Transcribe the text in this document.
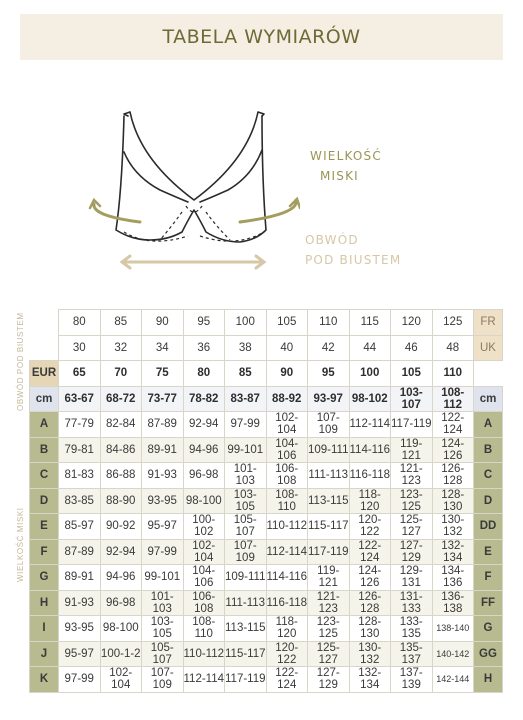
TABELA WYMIARÓW
WIELKOŚĆ
MISKI
OBWÓD
POD BIUSTEM
OBWÓD POD BIUSTEM
WIELKOŚĆ MISKI
	80	85	90	95	100	105	110	115	120	125	FR
	30	32	34	36	38	40	42	44	46	48	UK
EUR	65	70	75	80	85	90	95	100	105	110	
cm	63-67	68-72	73-77	78-82	83-87	88-92	93-97	98-102	103-107	108-112	cm
A	77-79	82-84	87-89	92-94	97-99	102-104	107-109	112-114	117-119	122-124	A
B	79-81	84-86	89-91	94-96	99-101	104-106	109-111	114-116	119-121	124-126	B
C	81-83	86-88	91-93	96-98	101-103	106-108	111-113	116-118	121-123	126-128	C
D	83-85	88-90	93-95	98-100	103-105	108-110	113-115	118-120	123-125	128-130	D
E	85-97	90-92	95-97	100-102	105-107	110-112	115-117	120-122	125-127	130-132	DD
F	87-89	92-94	97-99	102-104	107-109	112-114	117-119	122-124	127-129	132-134	E
G	89-91	94-96	99-101	104-106	109-111	114-116	119-121	124-126	129-131	134-136	F
H	91-93	96-98	101-103	106-108	111-113	116-118	121-123	126-128	131-133	136-138	FF
I	93-95	98-100	103-105	108-110	113-115	118-120	123-125	128-130	133-135	138-140	G
J	95-97	100-1-2	105-107	110-112	115-117	120-122	125-127	130-132	135-137	140-142	GG
K	97-99	102-104	107-109	112-114	117-119	122-124	127-129	132-134	137-139	142-144	H
